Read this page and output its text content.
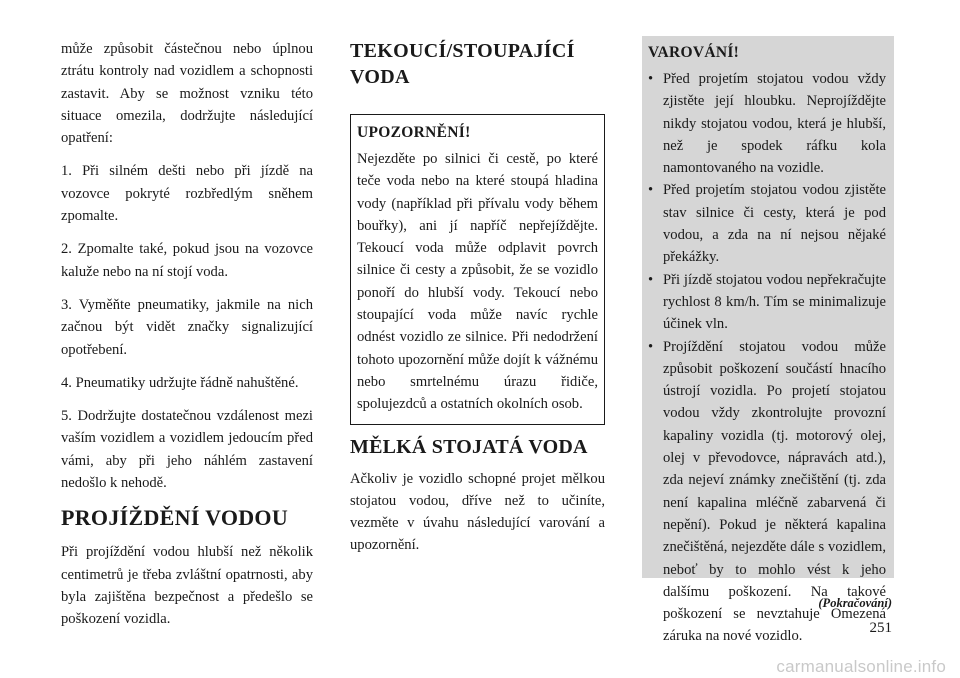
může způsobit částečnou nebo úplnou ztrátu kontroly nad vozidlem a schopnosti zastavit. Aby se možnost vzniku této situace omezila, dodržujte následující opatření:

1. Při silném dešti nebo při jízdě na vozovce pokryté rozbředlým sněhem zpomalte.

2. Zpomalte také, pokud jsou na vozovce kaluže nebo na ní stojí voda.

3. Vyměňte pneumatiky, jakmile na nich začnou být vidět značky signalizující opotřebení.

4. Pneumatiky udržujte řádně nahuštěné.

5. Dodržujte dostatečnou vzdálenost mezi vaším vozidlem a vozidlem jedoucím před vámi, aby při jeho náhlém zastavení nedošlo k nehodě.

PROJÍŽDĚNÍ VODOU

Při projíždění vodou hlubší než několik centimetrů je třeba zvláštní opatrnosti, aby byla zajištěna bezpečnost a předešlo se poškození vozidla.

TEKOUCÍ/STOUPAJÍCÍ VODA
UPOZORNĚNÍ!

Nejezděte po silnici či cestě, po které teče voda nebo na které stoupá hladina vody (například při přívalu vody během bouřky), ani jí napříč nepřejíždějte. Tekoucí voda může odplavit povrch silnice či cesty a způsobit, že se vozidlo ponoří do hlubší vody. Tekoucí nebo stoupající voda může navíc rychle odnést vozidlo ze silnice. Při nedodržení tohoto upozornění může dojít k vážnému nebo smrtelnému úrazu řidiče, spolujezdců a ostatních okolních osob.

MĚLKÁ STOJATÁ VODA

Ačkoliv je vozidlo schopné projet mělkou stojatou vodou, dříve než to učiníte, vezměte v úvahu následující varování a upozornění.

VAROVÁNÍ!
• Před projetím stojatou vodou vždy zjistěte její hloubku. Neprojíždějte nikdy stojatou vodou, která je hlubší, než je spodek ráfku kola namontovaného na vozidle.
• Před projetím stojatou vodou zjistěte stav silnice či cesty, která je pod vodou, a zda na ní nejsou nějaké překážky.
• Při jízdě stojatou vodou nepřekračujte rychlost 8 km/h. Tím se minimalizuje účinek vln.
• Projíždění stojatou vodou může způsobit poškození součástí hnacího ústrojí vozidla. Po projetí stojatou vodou vždy zkontrolujte provozní kapaliny vozidla (tj. motorový olej, olej v převodovce, nápravách atd.), zda nejeví známky znečištění (tj. zda není kapalina mléčně zabarvená či nepění). Pokud je některá kapalina znečištěná, nejezděte dále s vozidlem, neboť by to mohlo vést k jeho dalšímu poškození. Na takové poškození se nevztahuje Omezená záruka na nové vozidlo.
(Pokračování)
251
carmanualsonline.info
